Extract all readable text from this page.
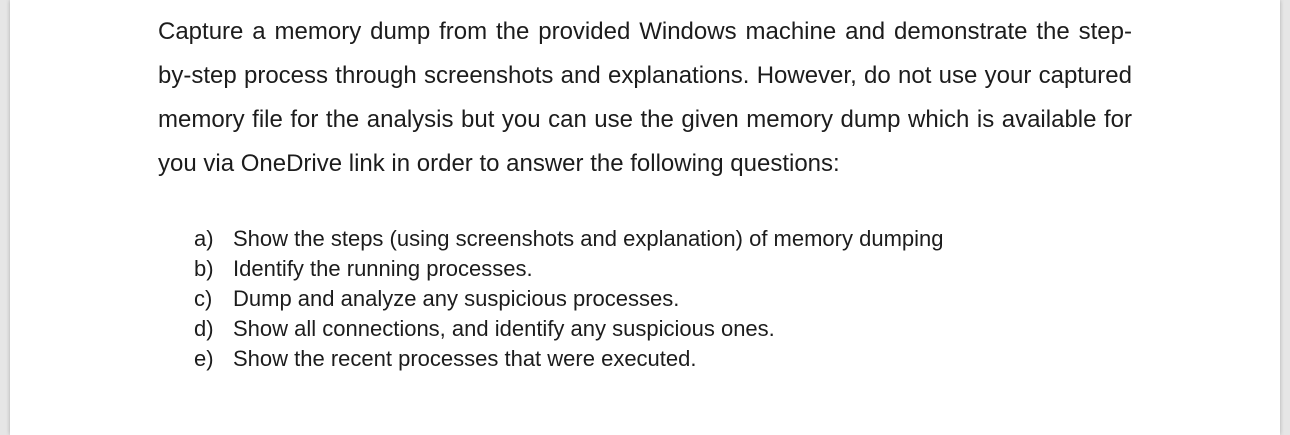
Capture a memory dump from the provided Windows machine and demonstrate the step-by-step process through screenshots and explanations. However, do not use your captured memory file for the analysis but you can use the given memory dump which is available for you via OneDrive link in order to answer the following questions:

a) Show the steps (using screenshots and explanation) of memory dumping
b) Identify the running processes.
c) Dump and analyze any suspicious processes.
d) Show all connections, and identify any suspicious ones.
e) Show the recent processes that were executed.
